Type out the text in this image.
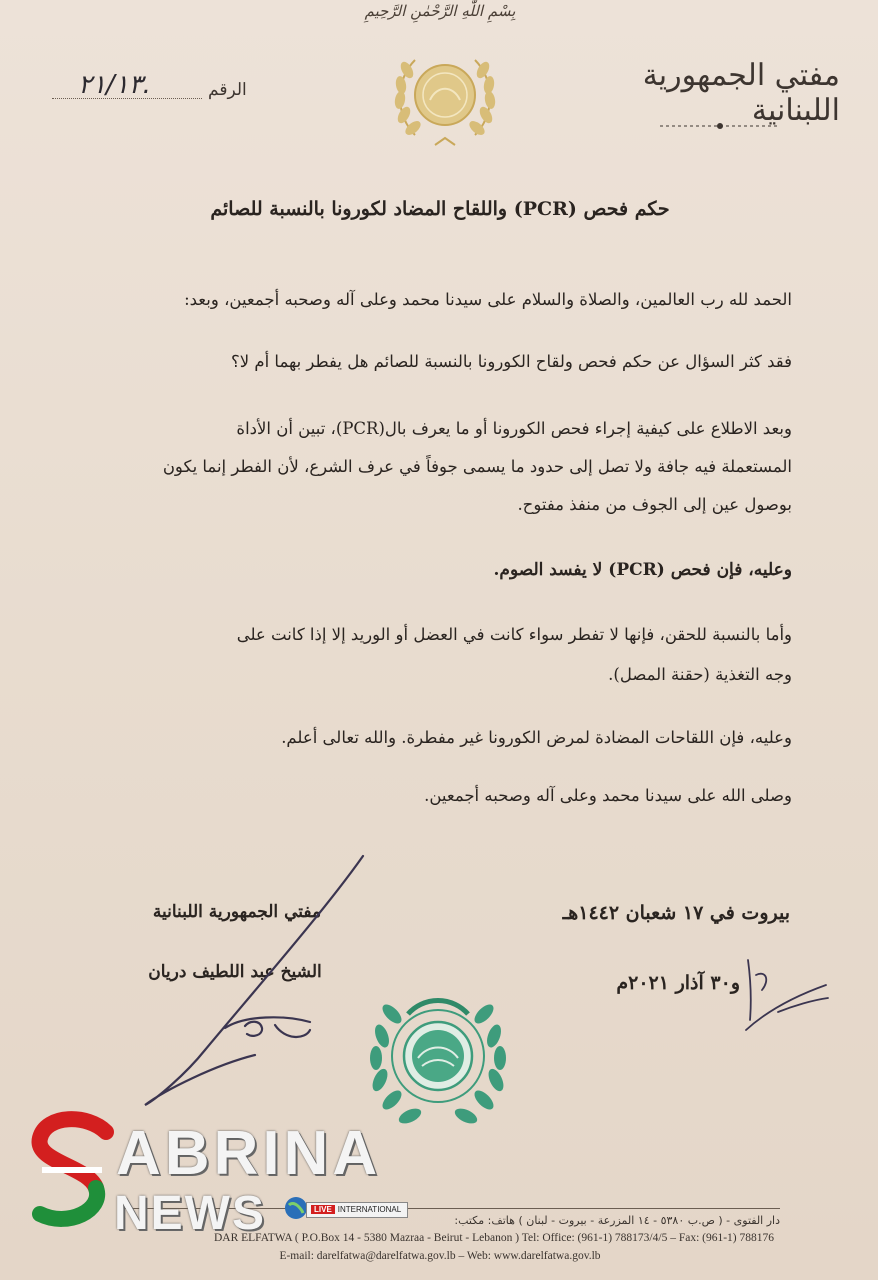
بِسْمِ اللّٰهِ الرَّحْمٰنِ الرَّحِيمِ
مفتي الجمهورية اللبنانية
الرقم
٢١/١٣.
حكم فحص (PCR) واللقاح المضاد لكورونا بالنسبة للصائم
الحمد لله رب العالمين، والصلاة والسلام على سيدنا محمد وعلى آله وصحبه أجمعين، وبعد:
فقد كثر السؤال عن حكم فحص ولقاح الكورونا بالنسبة للصائم هل يفطر بهما أم لا؟
وبعد الاطلاع على كيفية إجراء فحص الكورونا أو ما يعرف بال(PCR)، تبين أن الأداة
المستعملة فيه جافة ولا تصل إلى حدود ما يسمى جوفاً في عرف الشرع، لأن الفطر إنما يكون
بوصول عين إلى الجوف من منفذ مفتوح.
وعليه، فإن فحص (PCR) لا يفسد الصوم.
وأما بالنسبة للحقن، فإنها لا تفطر سواء كانت في العضل أو الوريد إلا إذا كانت على
وجه التغذية (حقنة المصل).
وعليه، فإن اللقاحات المضادة لمرض الكورونا غير مفطرة. والله تعالى أعلم.
وصلى الله على سيدنا محمد وعلى آله وصحبه أجمعين.
بيروت في ١٧ شعبان ١٤٤٢هـ
و٣٠ آذار ٢٠٢١م
مفتي الجمهورية اللبنانية
الشيخ عبد اللطيف دريان
دار الفتوى - ( ص.ب ٥٣٨٠ - ١٤ المزرعة - بيروت - لبنان ) هاتف: مكتب:
DAR ELFATWA ( P.O.Box 14 - 5380 Mazraa - Beirut - Lebanon ) Tel: Office: (961-1) 788173/4/5 – Fax: (961-1) 788176
E-mail: darelfatwa@darelfatwa.gov.lb – Web: www.darelfatwa.gov.lb
ABRINA
NEWS	LIVE INTERNATIONAL
